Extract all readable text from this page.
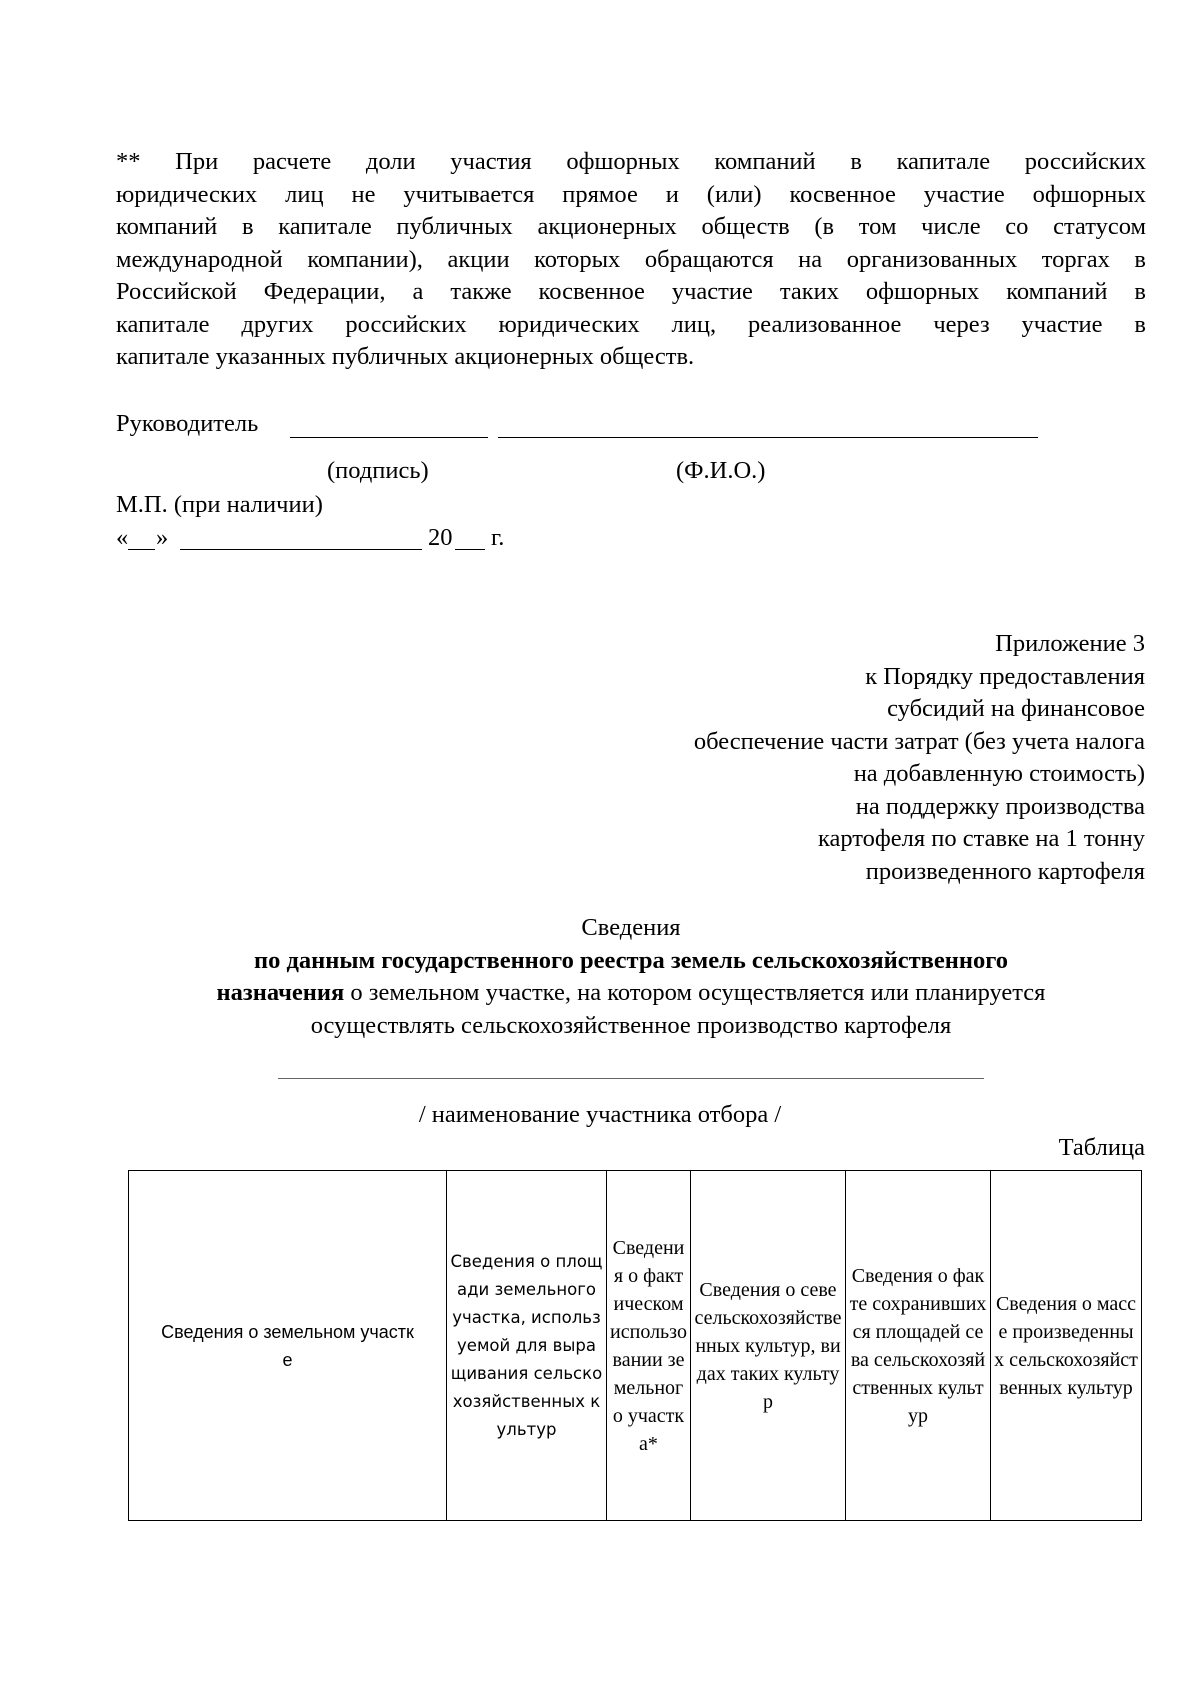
** При расчете доли участия офшорных компаний в капитале российских
юридических лиц не учитывается прямое и (или) косвенное участие офшорных
компаний в капитале публичных акционерных обществ (в том числе со статусом
международной компании), акции которых обращаются на организованных торгах в
Российской Федерации, а также косвенное участие таких офшорных компаний в
капитале других российских юридических лиц, реализованное через участие в
капитале указанных публичных акционерных обществ.
Руководитель
(подпись)	(Ф.И.О.)
М.П. (при наличии)
« »	20 г.
Приложение 3
к Порядку предоставления
субсидий на финансовое
обеспечение части затрат (без учета налога
на добавленную стоимость)
на поддержку производства
картофеля по ставке на 1 тонну
произведенного картофеля
Сведения
по данным государственного реестра земель сельскохозяйственного
назначения о земельном участке, на котором осуществляется или планируется
осуществлять сельскохозяйственное производство картофеля
/ наименование участника отбора /
Таблица
Сведения о земельном участке	Сведения о площади земельного участка, используемой для выращивания сельскохозяйственных культур	Сведения о фактическом использовании земельного участка*	Сведения о севе сельскохозяйственных культур, видах таких культур	Сведения о факте сохранившихся площадей сева сельскохозяйственных культур	Сведения о массе произведенных сельскохозяйственных культур
